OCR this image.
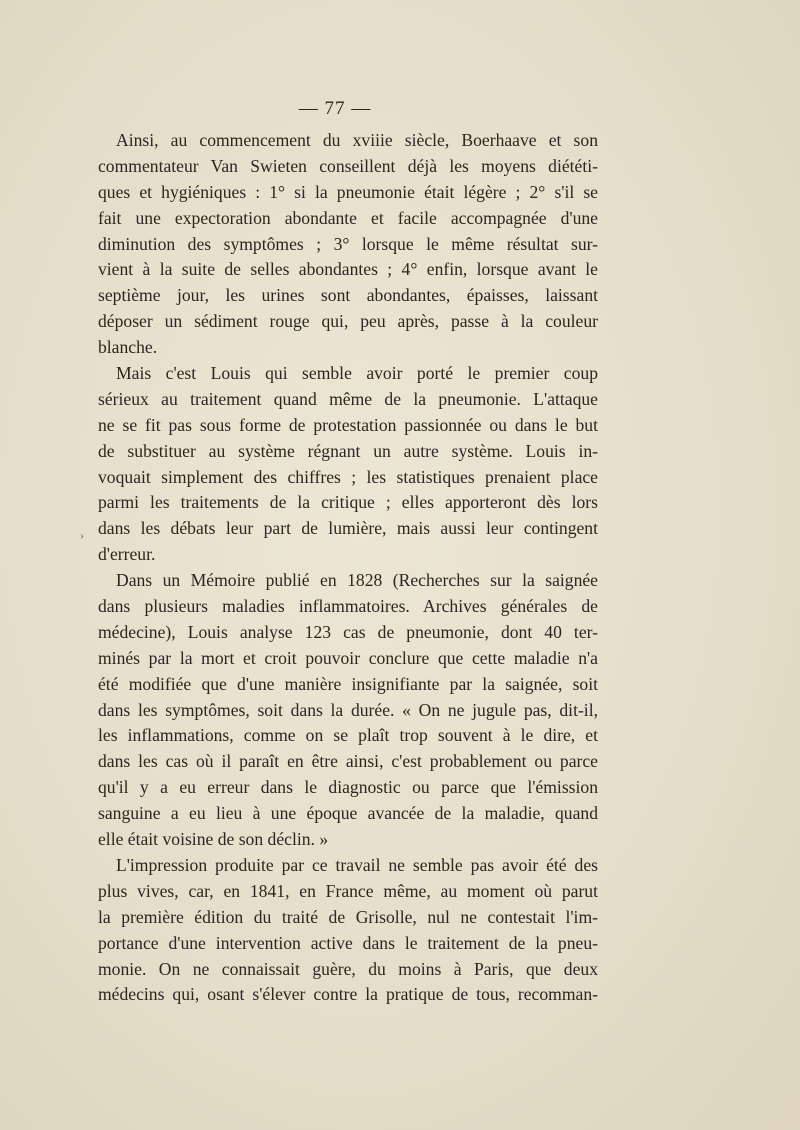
— 77 —
›
Ainsi, au commencement du xviiie siècle, Boerhaave et son
commentateur Van Swieten conseillent déjà les moyens diététi-
ques et hygiéniques : 1° si la pneumonie était légère ; 2° s'il se
fait une expectoration abondante et facile accompagnée d'une
diminution des symptômes ; 3° lorsque le même résultat sur-
vient à la suite de selles abondantes ; 4° enfin, lorsque avant le
septième jour, les urines sont abondantes, épaisses, laissant
déposer un sédiment rouge qui, peu après, passe à la couleur
blanche.
Mais c'est Louis qui semble avoir porté le premier coup
sérieux au traitement quand même de la pneumonie. L'attaque
ne se fit pas sous forme de protestation passionnée ou dans le but
de substituer au système régnant un autre système. Louis in-
voquait simplement des chiffres ; les statistiques prenaient place
parmi les traitements de la critique ; elles apporteront dès lors
dans les débats leur part de lumière, mais aussi leur contingent
d'erreur.
Dans un Mémoire publié en 1828 (Recherches sur la saignée
dans plusieurs maladies inflammatoires. Archives générales de
médecine), Louis analyse 123 cas de pneumonie, dont 40 ter-
minés par la mort et croit pouvoir conclure que cette maladie n'a
été modifiée que d'une manière insignifiante par la saignée, soit
dans les symptômes, soit dans la durée. « On ne jugule pas, dit-il,
les inflammations, comme on se plaît trop souvent à le dire, et
dans les cas où il paraît en être ainsi, c'est probablement ou parce
qu'il y a eu erreur dans le diagnostic ou parce que l'émission
sanguine a eu lieu à une époque avancée de la maladie, quand
elle était voisine de son déclin. »
L'impression produite par ce travail ne semble pas avoir été des
plus vives, car, en 1841, en France même, au moment où parut
la première édition du traité de Grisolle, nul ne contestait l'im-
portance d'une intervention active dans le traitement de la pneu-
monie. On ne connaissait guère, du moins à Paris, que deux
médecins qui, osant s'élever contre la pratique de tous, recomman-
